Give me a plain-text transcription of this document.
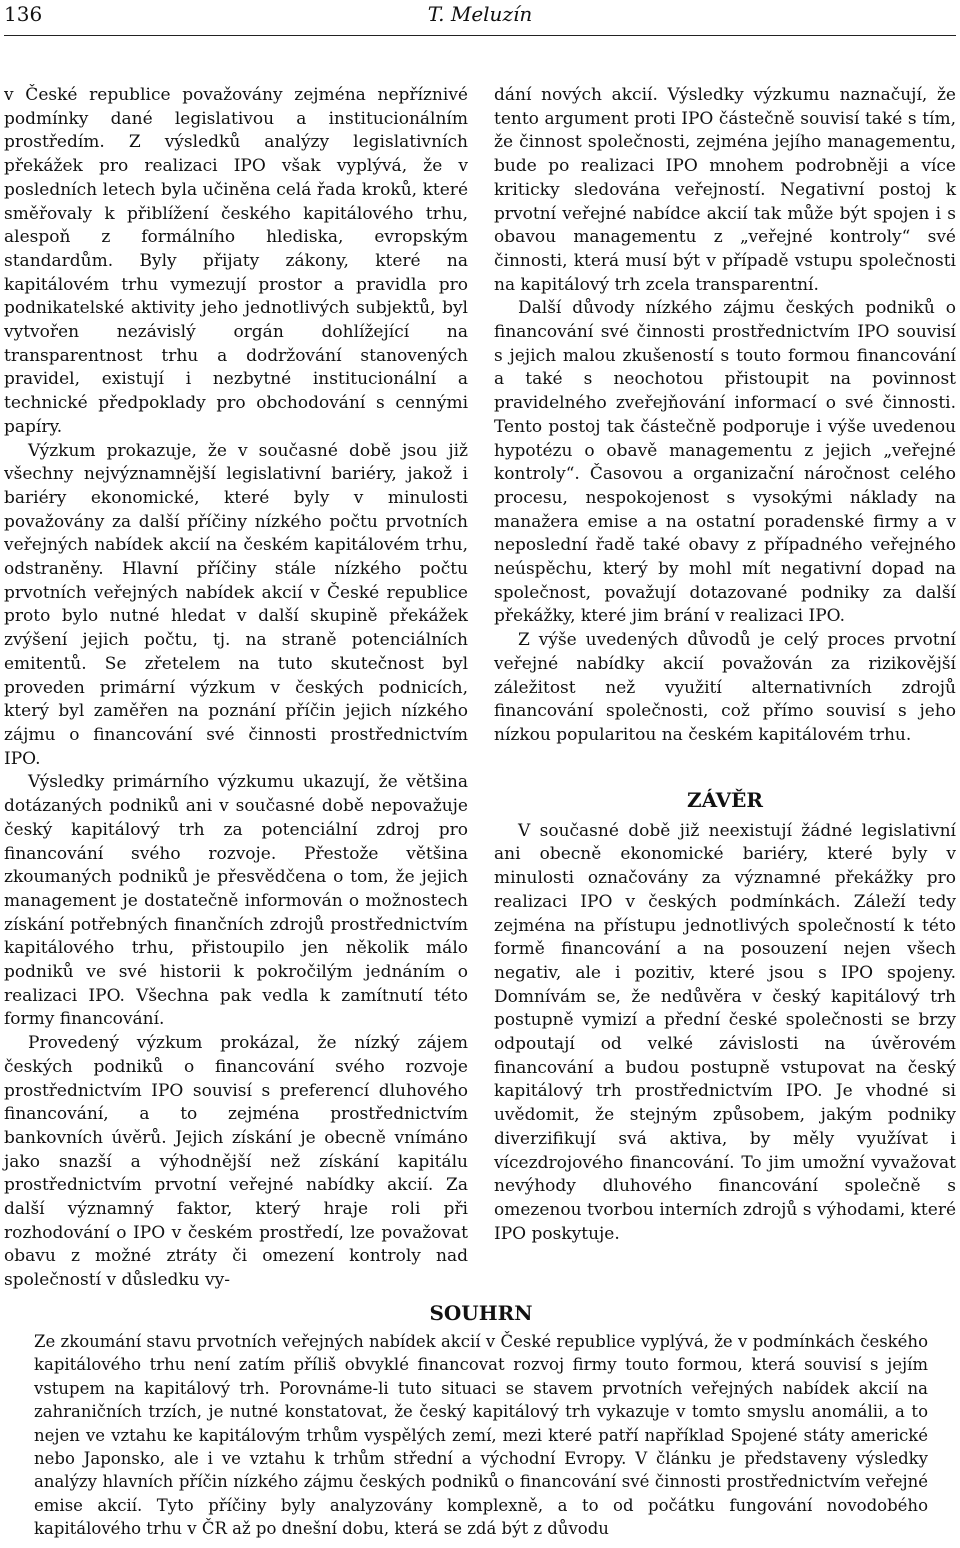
136	T. Meluzín

v České republice považovány zejména nepříznivé podmínky dané legislativou a institucionálním prostředím. Z výsledků analýzy legislativních překážek pro realizaci IPO však vyplývá, že v posledních letech byla učiněna celá řada kroků, které směřovaly k přiblížení českého kapitálového trhu, alespoň z formálního hlediska, evropským standardům. Byly přijaty zákony, které na kapitálovém trhu vymezují prostor a pravidla pro podnikatelské aktivity jeho jednotlivých subjektů, byl vytvořen nezávislý orgán dohlížející na transparentnost trhu a dodržování stanovených pravidel, existují i nezbytné institucionální a technické předpoklady pro obchodování s cennými papíry.

Výzkum prokazuje, že v současné době jsou již všechny nejvýznamnější legislativní bariéry, jakož i bariéry ekonomické, které byly v minulosti považovány za další příčiny nízkého počtu prvotních veřejných nabídek akcií na českém kapitálovém trhu, odstraněny. Hlavní příčiny stále nízkého počtu prvotních veřejných nabídek akcií v České republice proto bylo nutné hledat v další skupině překážek zvýšení jejich počtu, tj. na straně potenciálních emitentů. Se zřetelem na tuto skutečnost byl proveden primární výzkum v českých podnicích, který byl zaměřen na poznání příčin jejich nízkého zájmu o financování své činnosti prostřednictvím IPO.

Výsledky primárního výzkumu ukazují, že většina dotázaných podniků ani v současné době nepovažuje český kapitálový trh za potenciální zdroj pro financování svého rozvoje. Přestože většina zkoumaných podniků je přesvědčena o tom, že jejich management je dostatečně informován o možnostech získání potřebných finančních zdrojů prostřednictvím kapitálového trhu, přistoupilo jen několik málo podniků ve své historii k pokročilým jednáním o realizaci IPO. Všechna pak vedla k zamítnutí této formy financování.

Provedený výzkum prokázal, že nízký zájem českých podniků o financování svého rozvoje prostřednictvím IPO souvisí s preferencí dluhového financování, a to zejména prostřednictvím bankovních úvěrů. Jejich získání je obecně vnímáno jako snazší a výhodnější než získání kapitálu prostřednictvím prvotní veřejné nabídky akcií. Za další významný faktor, který hraje roli při rozhodování o IPO v českém prostředí, lze považovat obavu z možné ztráty či omezení kontroly nad společností v důsledku vy-

dání nových akcií. Výsledky výzkumu naznačují, že tento argument proti IPO částečně souvisí také s tím, že činnost společnosti, zejména jejího managementu, bude po realizaci IPO mnohem podrobněji a více kriticky sledována veřejností. Negativní postoj k prvotní veřejné nabídce akcií tak může být spojen i s obavou managementu z „veřejné kontroly“ své činnosti, která musí být v případě vstupu společnosti na kapitálový trh zcela transparentní.

Další důvody nízkého zájmu českých podniků o financování své činnosti prostřednictvím IPO souvisí s jejich malou zkušeností s touto formou financování a také s neochotou přistoupit na povinnost pravidelného zveřejňování informací o své činnosti. Tento postoj tak částečně podporuje i výše uvedenou hypotézu o obavě managementu z jejich „veřejné kontroly“. Časovou a organizační náročnost celého procesu, nespokojenost s vysokými náklady na manažera emise a na ostatní poradenské firmy a v neposlední řadě také obavy z případného veřejného neúspěchu, který by mohl mít negativní dopad na společnost, považují dotazované podniky za další překážky, které jim brání v realizaci IPO.

Z výše uvedených důvodů je celý proces prvotní veřejné nabídky akcií považován za rizikovější záležitost než využití alternativních zdrojů financování společnosti, což přímo souvisí s jeho nízkou popularitou na českém kapitálovém trhu.

ZÁVĚR

V současné době již neexistují žádné legislativní ani obecně ekonomické bariéry, které byly v minulosti označovány za významné překážky pro realizaci IPO v českých podmínkách. Záleží tedy zejména na přístupu jednotlivých společností k této formě financování a na posouzení nejen všech negativ, ale i pozitiv, které jsou s IPO spojeny. Domnívám se, že nedůvěra v český kapitálový trh postupně vymizí a přední české společnosti se brzy odpoutají od velké závislosti na úvěrovém financování a budou postupně vstupovat na český kapitálový trh prostřednictvím IPO. Je vhodné si uvědomit, že stejným způsobem, jakým podniky diverzifikují svá aktiva, by měly využívat i vícezdrojového financování. To jim umožní vyvažovat nevýhody dluhového financování společně s omezenou tvorbou interních zdrojů s výhodami, které IPO poskytuje.

SOUHRN

Ze zkoumání stavu prvotních veřejných nabídek akcií v České republice vyplývá, že v podmínkách českého kapitálového trhu není zatím příliš obvyklé financovat rozvoj firmy touto formou, která souvisí s jejím vstupem na kapitálový trh. Porovnáme-li tuto situaci se stavem prvotních veřejných nabídek akcií na zahraničních trzích, je nutné konstatovat, že český kapitálový trh vykazuje v tomto smyslu anomálii, a to nejen ve vztahu ke kapitálovým trhům vyspělých zemí, mezi které patří například Spojené státy americké nebo Japonsko, ale i ve vztahu k trhům střední a východní Evropy. V článku je představeny výsledky analýzy hlavních příčin nízkého zájmu českých podniků o financování své činnosti prostřednictvím veřejné emise akcií. Tyto příčiny byly analyzovány komplexně, a to od počátku fungování novodobého kapitálového trhu v ČR až po dnešní dobu, která se zdá být z důvodu
